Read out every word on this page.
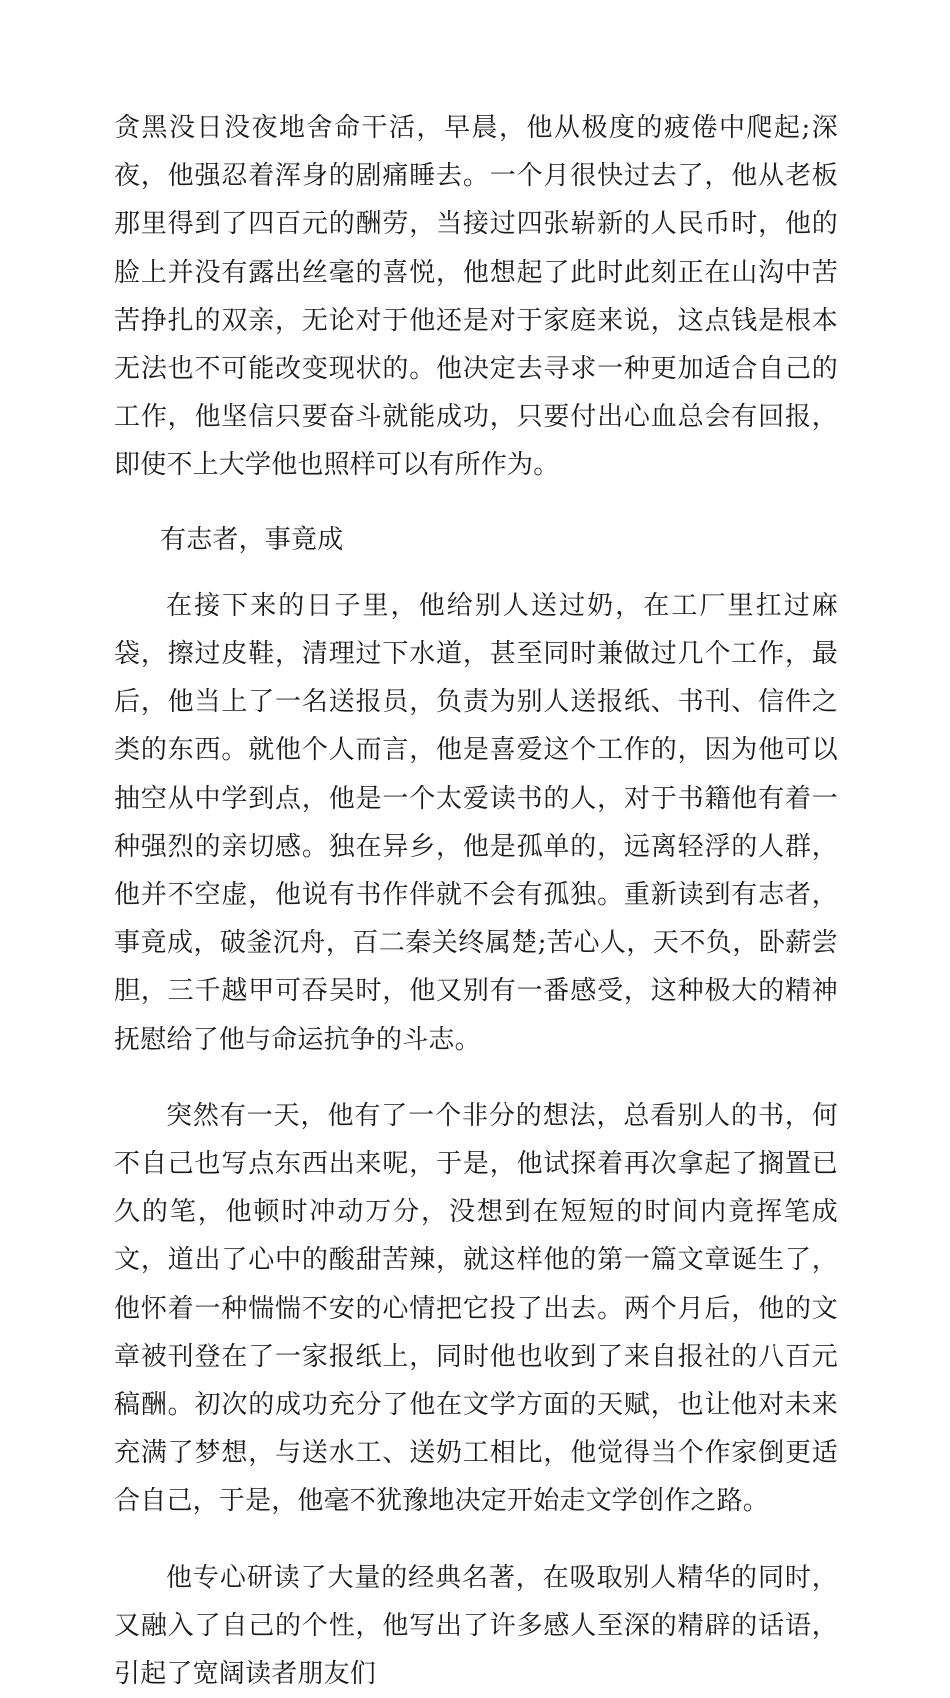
贪黑没日没夜地舍命干活，早晨，他从极度的疲倦中爬起;深夜，他强忍着浑身的剧痛睡去。一个月很快过去了，他从老板那里得到了四百元的酬劳，当接过四张崭新的人民币时，他的脸上并没有露出丝毫的喜悦，他想起了此时此刻正在山沟中苦苦挣扎的双亲，无论对于他还是对于家庭来说，这点钱是根本无法也不可能改变现状的。他决定去寻求一种更加适合自己的工作，他坚信只要奋斗就能成功，只要付出心血总会有回报，即使不上大学他也照样可以有所作为。

有志者，事竟成

在接下来的日子里，他给别人送过奶，在工厂里扛过麻袋，擦过皮鞋，清理过下水道，甚至同时兼做过几个工作，最后，他当上了一名送报员，负责为别人送报纸、书刊、信件之类的东西。就他个人而言，他是喜爱这个工作的，因为他可以抽空从中学到点，他是一个太爱读书的人，对于书籍他有着一种强烈的亲切感。独在异乡，他是孤单的，远离轻浮的人群，他并不空虚，他说有书作伴就不会有孤独。重新读到有志者，事竟成，破釜沉舟，百二秦关终属楚;苦心人，天不负，卧薪尝胆，三千越甲可吞吴时，他又别有一番感受，这种极大的精神抚慰给了他与命运抗争的斗志。

突然有一天，他有了一个非分的想法，总看别人的书，何不自己也写点东西出来呢，于是，他试探着再次拿起了搁置已久的笔，他顿时冲动万分，没想到在短短的时间内竟挥笔成文，道出了心中的酸甜苦辣，就这样他的第一篇文章诞生了，他怀着一种惴惴不安的心情把它投了出去。两个月后，他的文章被刊登在了一家报纸上，同时他也收到了来自报社的八百元稿酬。初次的成功充分了他在文学方面的天赋，也让他对未来充满了梦想，与送水工、送奶工相比，他觉得当个作家倒更适合自己，于是，他毫不犹豫地决定开始走文学创作之路。

他专心研读了大量的经典名著，在吸取别人精华的同时，又融入了自己的个性，他写出了许多感人至深的精辟的话语，引起了宽阔读者朋友们
